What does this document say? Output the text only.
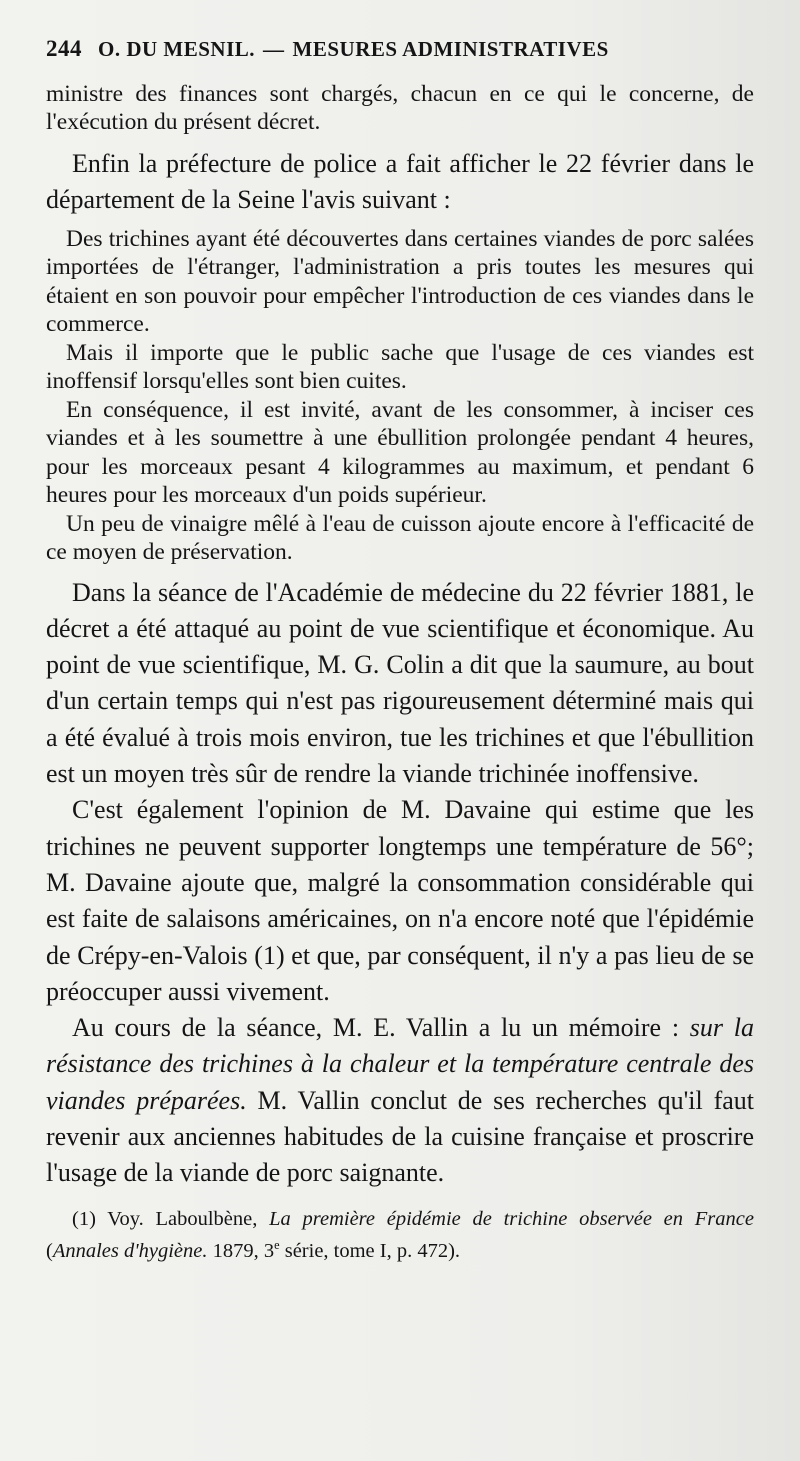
244 O. DU MESNIL. — MESURES ADMINISTRATIVES

ministre des finances sont chargés, chacun en ce qui le concerne, de l'exécution du présent décret.

Enfin la préfecture de police a fait afficher le 22 février dans le département de la Seine l'avis suivant :

Des trichines ayant été découvertes dans certaines viandes de porc salées importées de l'étranger, l'administration a pris toutes les mesures qui étaient en son pouvoir pour empêcher l'introduction de ces viandes dans le commerce.

Mais il importe que le public sache que l'usage de ces viandes est inoffensif lorsqu'elles sont bien cuites.

En conséquence, il est invité, avant de les consommer, à inciser ces viandes et à les soumettre à une ébullition prolongée pendant 4 heures, pour les morceaux pesant 4 kilogrammes au maximum, et pendant 6 heures pour les morceaux d'un poids supérieur.

Un peu de vinaigre mêlé à l'eau de cuisson ajoute encore à l'efficacité de ce moyen de préservation.

Dans la séance de l'Académie de médecine du 22 février 1881, le décret a été attaqué au point de vue scientifique et économique. Au point de vue scientifique, M. G. Colin a dit que la saumure, au bout d'un certain temps qui n'est pas rigoureusement déterminé mais qui a été évalué à trois mois environ, tue les trichines et que l'ébullition est un moyen très sûr de rendre la viande trichinée inoffensive.

C'est également l'opinion de M. Davaine qui estime que les trichines ne peuvent supporter longtemps une température de 56°; M. Davaine ajoute que, malgré la consommation considérable qui est faite de salaisons américaines, on n'a encore noté que l'épidémie de Crépy-en-Valois (1) et que, par conséquent, il n'y a pas lieu de se préoccuper aussi vivement.

Au cours de la séance, M. E. Vallin a lu un mémoire : sur la résistance des trichines à la chaleur et la température centrale des viandes préparées. M. Vallin conclut de ses recherches qu'il faut revenir aux anciennes habitudes de la cuisine française et proscrire l'usage de la viande de porc saignante.

(1) Voy. Laboulbène, La première épidémie de trichine observée en France (Annales d'hygiène. 1879, 3e série, tome I, p. 472).
